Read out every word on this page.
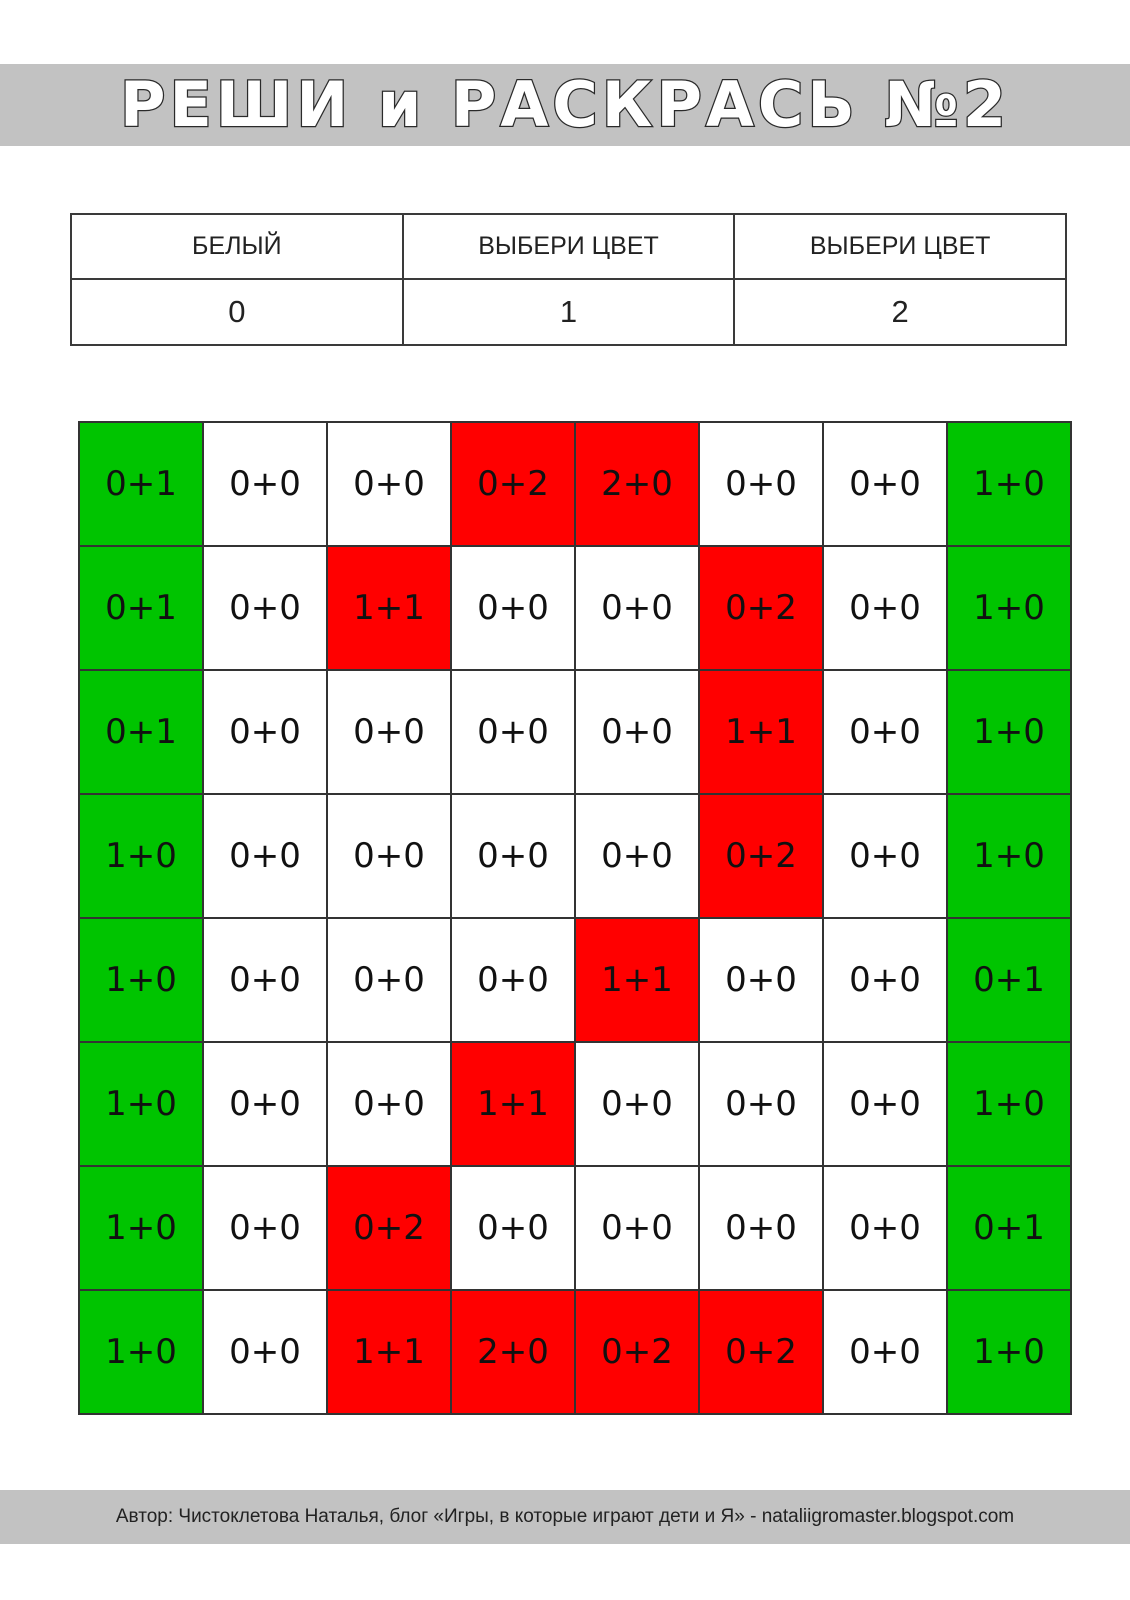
РЕШИ и РАСКРАСЬ №2
БЕЛЫЙ	ВЫБЕРИ ЦВЕТ	ВЫБЕРИ ЦВЕТ
0	1	2
0+1	0+0	0+0	0+2	2+0	0+0	0+0	1+0
0+1	0+0	1+1	0+0	0+0	0+2	0+0	1+0
0+1	0+0	0+0	0+0	0+0	1+1	0+0	1+0
1+0	0+0	0+0	0+0	0+0	0+2	0+0	1+0
1+0	0+0	0+0	0+0	1+1	0+0	0+0	0+1
1+0	0+0	0+0	1+1	0+0	0+0	0+0	1+0
1+0	0+0	0+2	0+0	0+0	0+0	0+0	0+1
1+0	0+0	1+1	2+0	0+2	0+2	0+0	1+0
Автор: Чистоклетова Наталья, блог «Игры, в которые играют дети и Я» - nataliigromaster.blogspot.com
